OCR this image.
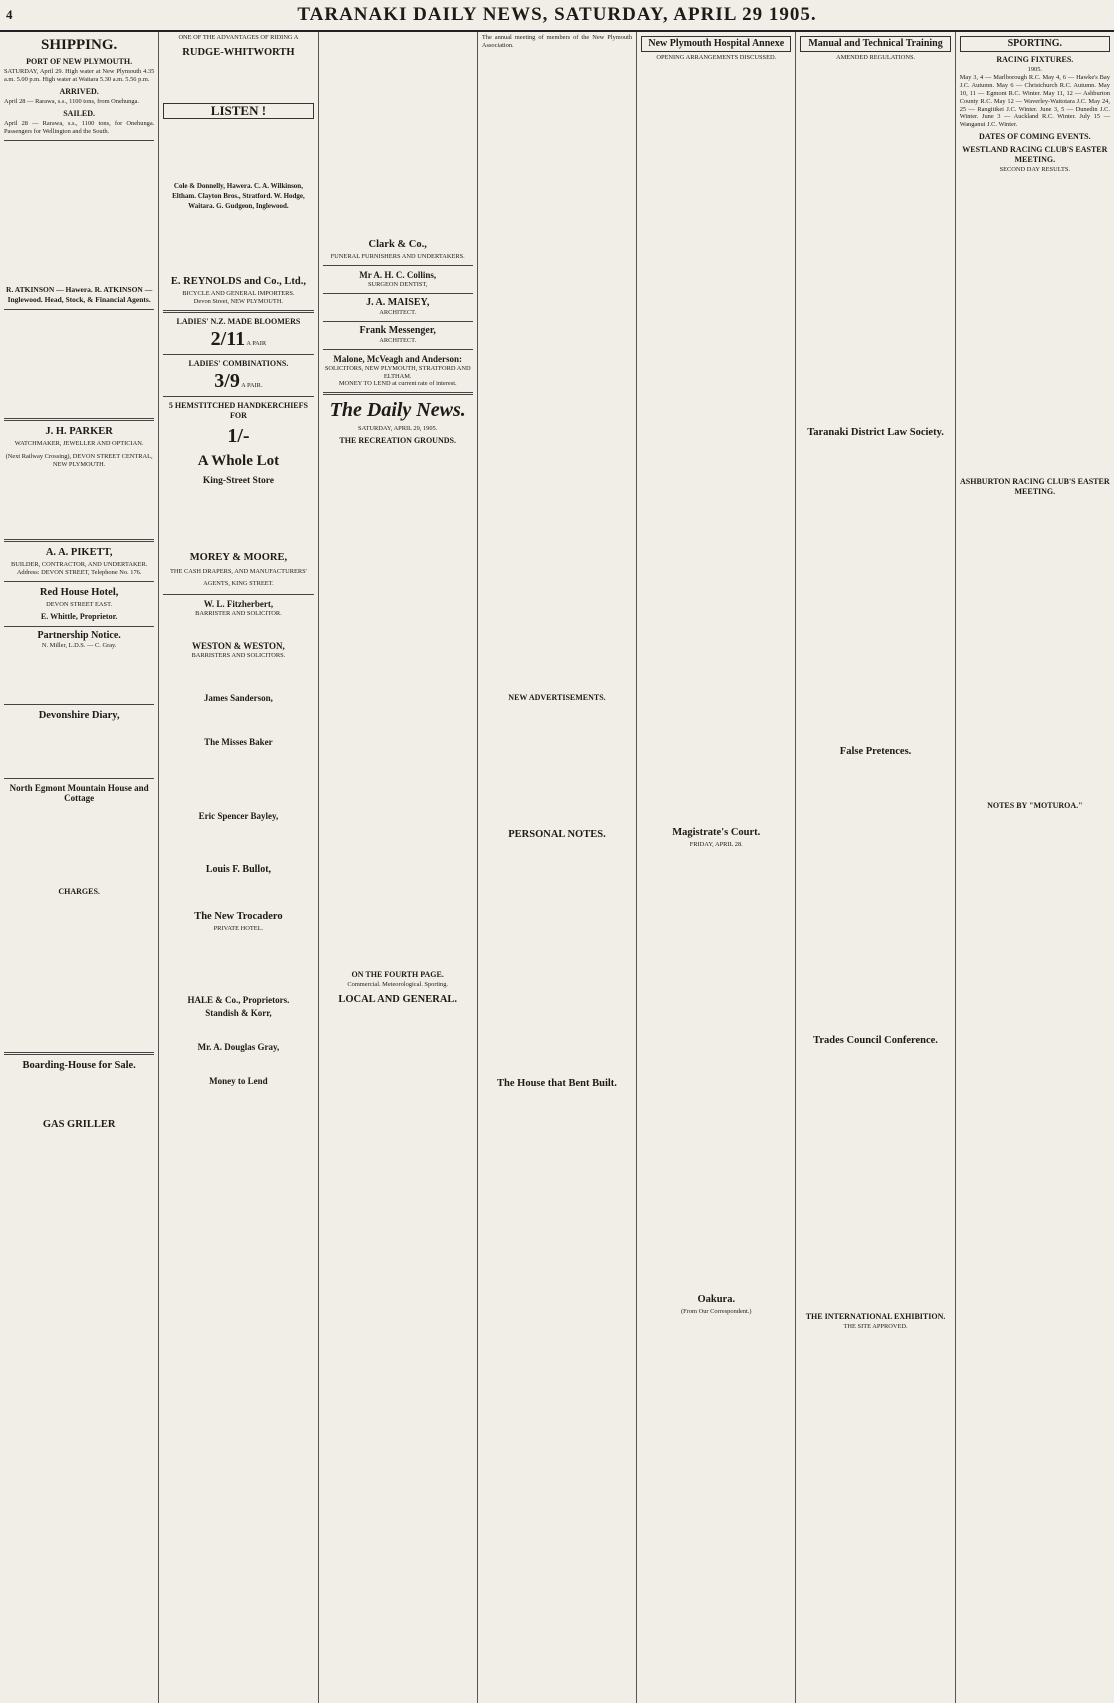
4	TARANAKI DAILY NEWS, SATURDAY, APRIL 29 1905.
SHIPPING.
PORT OF NEW PLYMOUTH.
SATURDAY, April 29. High water at New Plymouth 4.35 a.m. 5.00 p.m. High water at Waitara 5.30 a.m. 5.56 p.m.
ARRIVED.
April 28 — Rarawa, s.s., 1100 tons, from Onehunga.
SAILED.
April 28 — Rarawa, s.s., 1100 tons, for Onehunga. Passengers for Wellington and the South.
R. ATKINSON — Hawera. R. ATKINSON — Inglewood. Head, Stock, & Financial Agents.
J. H. PARKER
WATCHMAKER, JEWELLER AND OPTICIAN.
(Next Railway Crossing), DEVON STREET CENTRAL, NEW PLYMOUTH.
A. A. PIKETT,
BUILDER, CONTRACTOR, AND UNDERTAKER.
Address: DEVON STREET, Telephone No. 176.
Red House Hotel,
DEVON STREET EAST.
E. Whittle, Proprietor.
Partnership Notice.
N. Miller, L.D.S. — C. Gray.
Devonshire Diary,
North Egmont Mountain House and Cottage
CHARGES.
Boarding-House for Sale.
GAS GRILLER
ONE OF THE ADVANTAGES OF RIDING A
RUDGE-WHITWORTH
LISTEN !
Cole & Donnelly, Hawera. C. A. Wilkinson, Eltham. Clayton Bros., Stratford. W. Hodge, Waitara. G. Gudgeon, Inglewood.
E. REYNOLDS and Co., Ltd.,
BICYCLE AND GENERAL IMPORTERS.
Devon Street, NEW PLYMOUTH.
LADIES' N.Z. MADE BLOOMERS
2/11 A PAIR
LADIES' COMBINATIONS.
3/9 A PAIR.
5 HEMSTITCHED HANDKERCHIEFS FOR
1/-
A Whole Lot
King-Street Store
MOREY & MOORE,
THE CASH DRAPERS, AND MANUFACTURERS' AGENTS, KING STREET.
W. L. Fitzherbert,
BARRISTER AND SOLICITOR.
WESTON & WESTON,
BARRISTERS AND SOLICITORS.
James Sanderson,
The Misses Baker
Eric Spencer Bayley,
Louis F. Bullot,
The New Trocadero
PRIVATE HOTEL.
HALE & Co., Proprietors.
Standish & Korr,
Mr. A. Douglas Gray,
Money to Lend
Clark & Co.,
FUNERAL FURNISHERS AND UNDERTAKERS.
Mr A. H. C. Collins,
SURGEON DENTIST,
J. A. MAISEY,
ARCHITECT.
Frank Messenger,
ARCHITECT.
Malone, McVeagh and Anderson:
SOLICITORS, NEW PLYMOUTH, STRATFORD AND ELTHAM.
MONEY TO LEND at current rate of interest.
The Daily News.
SATURDAY, APRIL 29, 1905.
THE RECREATION GROUNDS.
ON THE FOURTH PAGE.
Commercial. Meteorological. Sporting.
LOCAL AND GENERAL.
The annual meeting of members of the New Plymouth Association.
NEW ADVERTISEMENTS.
PERSONAL NOTES.
The House that Bent Built.
New Plymouth Hospital Annexe
OPENING ARRANGEMENTS DISCUSSED.
Magistrate's Court.
FRIDAY, APRIL 28.
Oakura.
(From Our Correspondent.)
Manual and Technical Training
AMENDED REGULATIONS.
Taranaki District Law Society.
False Pretences.
Trades Council Conference.
THE INTERNATIONAL EXHIBITION.
THE SITE APPROVED.
SPORTING.
RACING FIXTURES.
1905.
May 3, 4 — Marlborough R.C. May 4, 6 — Hawke's Bay J.C. Autumn. May 6 — Christchurch R.C. Autumn. May 10, 11 — Egmont R.C. Winter. May 11, 12 — Ashburton County R.C. May 12 — Waverley-Waitotara J.C. May 24, 25 — Rangitikei J.C. Winter. June 3, 5 — Dunedin J.C. Winter. June 3 — Auckland R.C. Winter. July 15 — Wanganui J.C. Winter.
DATES OF COMING EVENTS.
WESTLAND RACING CLUB'S EASTER MEETING.
SECOND DAY RESULTS.
ASHBURTON RACING CLUB'S EASTER MEETING.
NOTES BY "MOTUROA."
